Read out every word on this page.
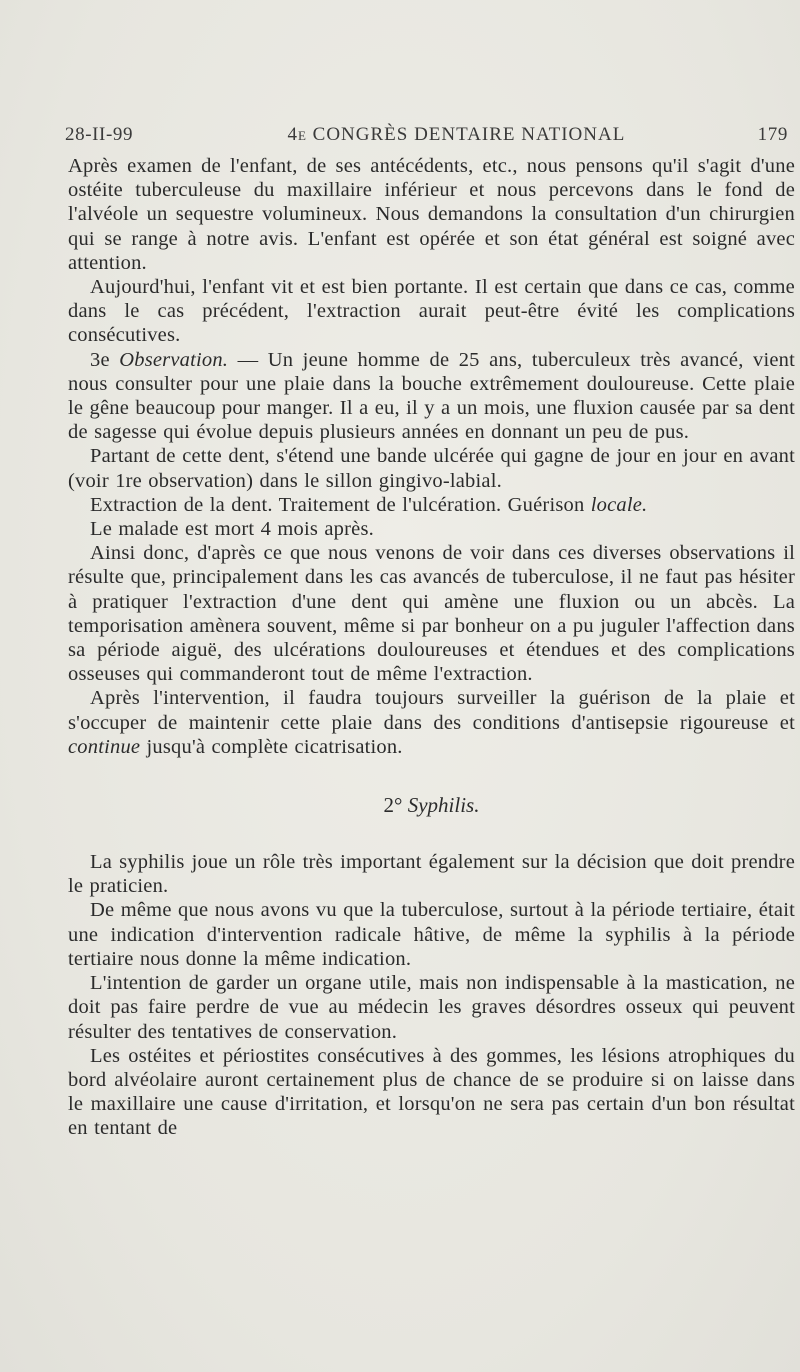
28-II-99	4e CONGRÈS DENTAIRE NATIONAL	179

Après examen de l'enfant, de ses antécédents, etc., nous pensons qu'il s'agit d'une ostéite tuberculeuse du maxillaire inférieur et nous percevons dans le fond de l'alvéole un sequestre volumineux. Nous demandons la consultation d'un chirurgien qui se range à notre avis. L'enfant est opérée et son état général est soigné avec attention.

Aujourd'hui, l'enfant vit et est bien portante. Il est certain que dans ce cas, comme dans le cas précédent, l'extraction aurait peut-être évité les complications consécutives.

3e Observation. — Un jeune homme de 25 ans, tuberculeux très avancé, vient nous consulter pour une plaie dans la bouche extrêmement douloureuse. Cette plaie le gêne beaucoup pour manger. Il a eu, il y a un mois, une fluxion causée par sa dent de sagesse qui évolue depuis plusieurs années en donnant un peu de pus.

Partant de cette dent, s'étend une bande ulcérée qui gagne de jour en jour en avant (voir 1re observation) dans le sillon gingivo-labial.

Extraction de la dent. Traitement de l'ulcération. Guérison locale.

Le malade est mort 4 mois après.

Ainsi donc, d'après ce que nous venons de voir dans ces diverses observations il résulte que, principalement dans les cas avancés de tuberculose, il ne faut pas hésiter à pratiquer l'extraction d'une dent qui amène une fluxion ou un abcès. La temporisation amènera souvent, même si par bonheur on a pu juguler l'affection dans sa période aiguë, des ulcérations douloureuses et étendues et des complications osseuses qui commanderont tout de même l'extraction.

Après l'intervention, il faudra toujours surveiller la guérison de la plaie et s'occuper de maintenir cette plaie dans des conditions d'antisepsie rigoureuse et continue jusqu'à complète cicatrisation.

2° Syphilis.

La syphilis joue un rôle très important également sur la décision que doit prendre le praticien.

De même que nous avons vu que la tuberculose, surtout à la période tertiaire, était une indication d'intervention radicale hâtive, de même la syphilis à la période tertiaire nous donne la même indication.

L'intention de garder un organe utile, mais non indispensable à la mastication, ne doit pas faire perdre de vue au médecin les graves désordres osseux qui peuvent résulter des tentatives de conservation.

Les ostéites et périostites consécutives à des gommes, les lésions atrophiques du bord alvéolaire auront certainement plus de chance de se produire si on laisse dans le maxillaire une cause d'irritation, et lorsqu'on ne sera pas certain d'un bon résultat en tentant de
